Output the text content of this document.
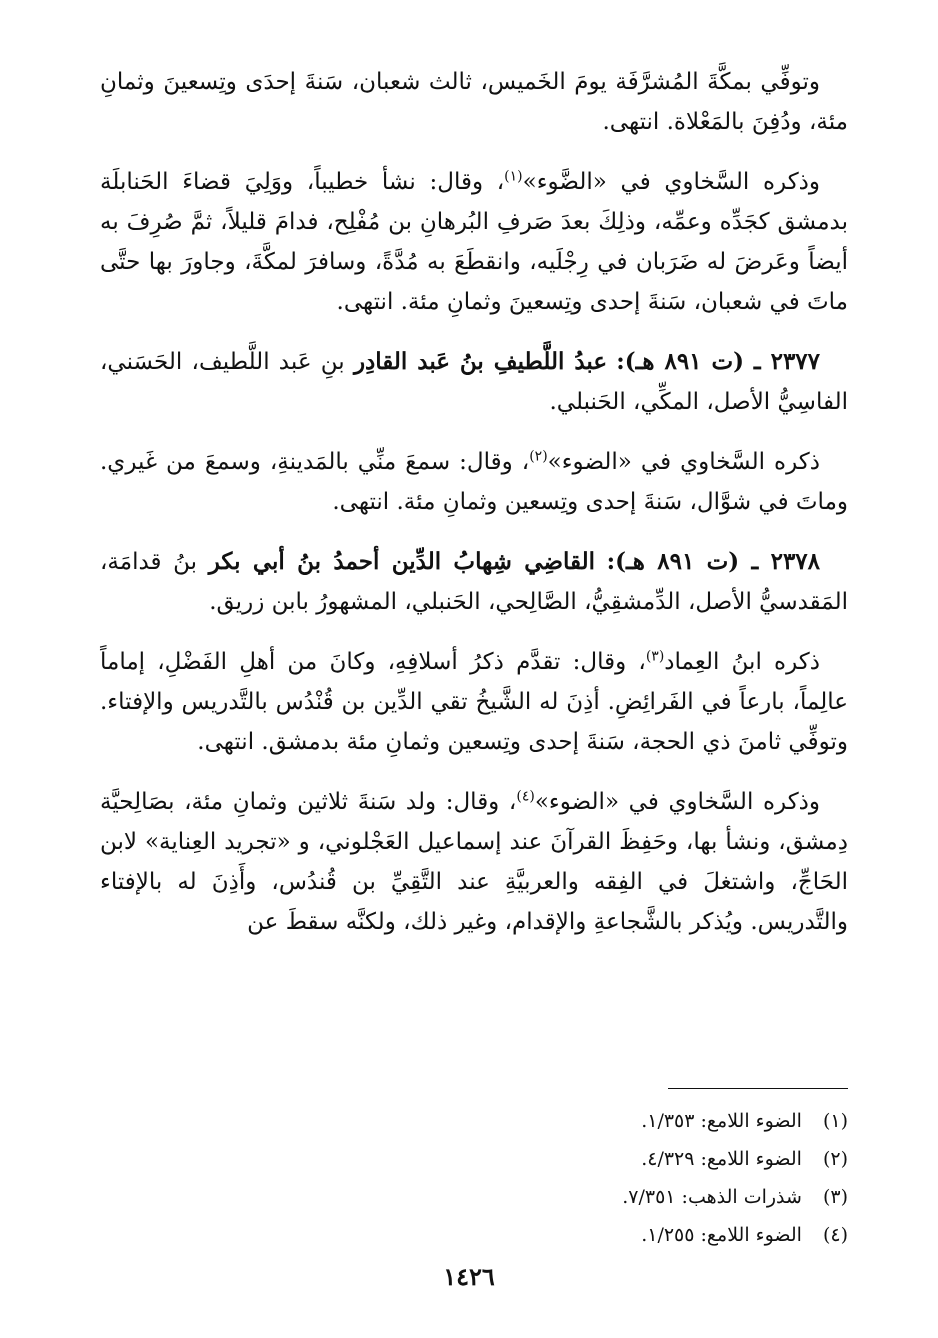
وتوفِّي بمكَّةَ المُشرَّفَة يومَ الخَميس، ثالث شعبان، سَنةَ إحدَى وتِسعينَ وثمانِ مئة، ودُفِنَ بالمَعْلاة. انتهى.

وذكره السَّخاوي في «الضَّوء»$^{(١)}$، وقال: نشأ خطيباً، ووَلِيَ قضاءَ الحَنابلَة بدمشق كجَدِّه وعمِّه، وذلِكَ بعدَ صَرفِ البُرهانِ بن مُفْلِح، فدامَ قليلاً، ثمَّ صُرِفَ به أيضاً وعَرضَ له ضَرَبان في رِجْلَيه، وانقطَعَ به مُدَّةً، وسافرَ لمكَّةَ، وجاورَ بها حتَّى ماتَ في شعبان، سَنةَ إحدى وتِسعينَ وثمانِ مئة. انتهى.

٢٣٧٧ ـ (ت ٨٩١ هـ): عبدُ اللَّطيفِ بنُ عَبد القادِر بنِ عَبد اللَّطيف، الحَسَني، الفاسِيُّ الأصل، المكِّي، الحَنبلي.

ذكره السَّخاوي في «الضوء»$^{(٢)}$، وقال: سمعَ منِّي بالمَدينةِ، وسمعَ من غَيري. وماتَ في شوَّال، سَنةَ إحدى وتِسعين وثمانِ مئة. انتهى.

٢٣٧٨ ـ (ت ٨٩١ هـ): القاضِي شِهابُ الدِّين أحمدُ بنُ أبي بكر بنُ قدامَة، المَقدسيُّ الأصل، الدِّمشقِيُّ، الصَّالِحي، الحَنبلي، المشهورُ بابن زريق.

ذكره ابنُ العِماد$^{(٣)}$، وقال: تقدَّم ذكرُ أسلافِهِ، وكانَ من أهلِ الفَضْلِ، إماماً عالِماً، بارعاً في الفَرائِضِ. أذِنَ له الشَّيخُ تقي الدِّين بن قُنْدُس بالتَّدريس والإفتاء. وتوفِّي ثامنَ ذي الحجة، سَنةَ إحدى وتِسعين وثمانِ مئة بدمشق. انتهى.

وذكره السَّخاوي في «الضوء»$^{(٤)}$، وقال: ولد سَنةَ ثلاثين وثمانِ مئة، بصَالِحيَّة دِمشق، ونشأ بها، وحَفِظَ القرآنَ عند إسماعيل العَجْلوني، و «تجريد العِناية» لابن الحَاجِّ، واشتغلَ في الفِقه والعربيَّةِ عند التَّقِيِّ بن قُندُس، وأَذِنَ له بالإفتاء والتَّدريس. ويُذكر بالشَّجاعةِ والإقدام، وغير ذلك، ولكنَّه سقطَ عن

(١) الضوء اللامع: ١/٣٥٣.
(٢) الضوء اللامع: ٤/٣٢٩.
(٣) شذرات الذهب: ٧/٣٥١.
(٤) الضوء اللامع: ١/٢٥٥.
١٤٢٦
